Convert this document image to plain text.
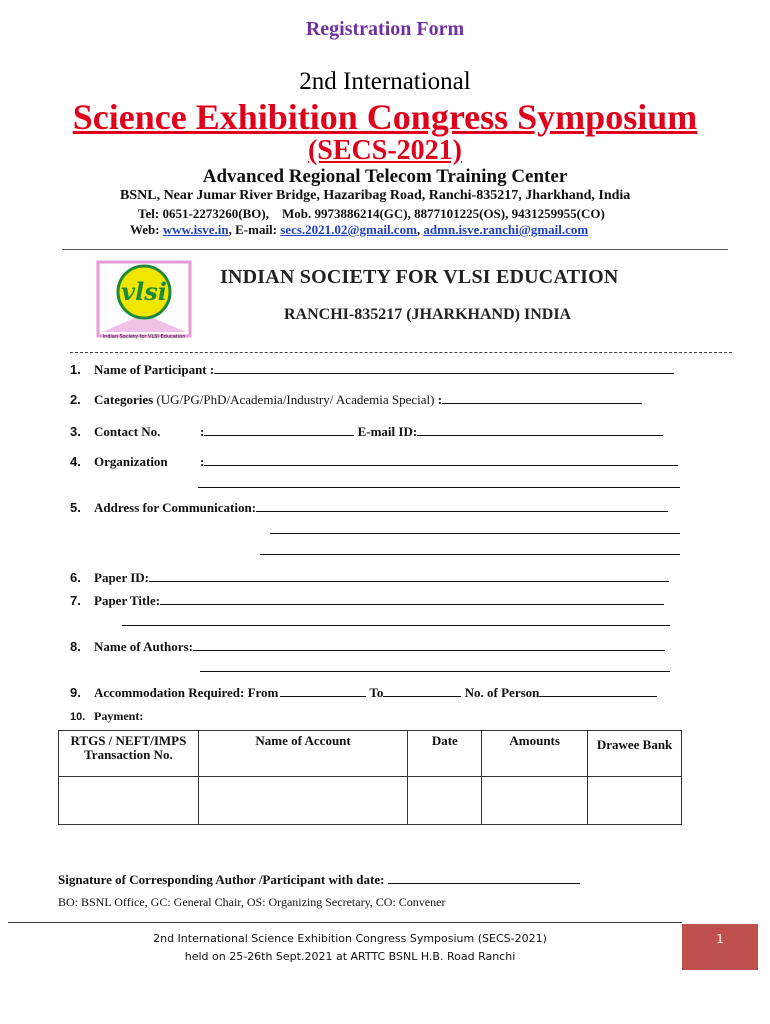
Registration Form
2nd International
Science Exhibition Congress Symposium
(SECS-2021)
Advanced Regional Telecom Training Center
BSNL, Near Jumar River Bridge, Hazaribag Road, Ranchi-835217, Jharkhand, India
Tel: 0651-2273260(BO),    Mob. 9973886214(GC), 8877101225(OS), 9431259955(CO)
Web: www.isve.in, E-mail: secs.2021.02@gmail.com, admn.isve.ranchi@gmail.com
vlsi
Indian Society for VLSI Education
INDIAN SOCIETY FOR VLSI EDUCATION
RANCHI-835217 (JHARKHAND) INDIA
1. Name of Participant :
2. Categories (UG/PG/PhD/Academia/Industry/ Academia Special) :
3. Contact No.	:	E-mail ID:
4. Organization :
5. Address for Communication:
6. Paper ID:
7. Paper Title:
8. Name of Authors:
9. Accommodation Required: From	To	No. of Person
10. Payment:
RTGS / NEFT/IMPS Transaction No.	Name of Account	Date	Amounts	Drawee Bank

Signature of Corresponding Author /Participant with date:
BO: BSNL Office, GC: General Chair, OS: Organizing Secretary, CO: Convener
2nd International Science Exhibition Congress Symposium (SECS-2021)
held on 25-26th Sept.2021 at ARTTC BSNL H.B. Road Ranchi
1
